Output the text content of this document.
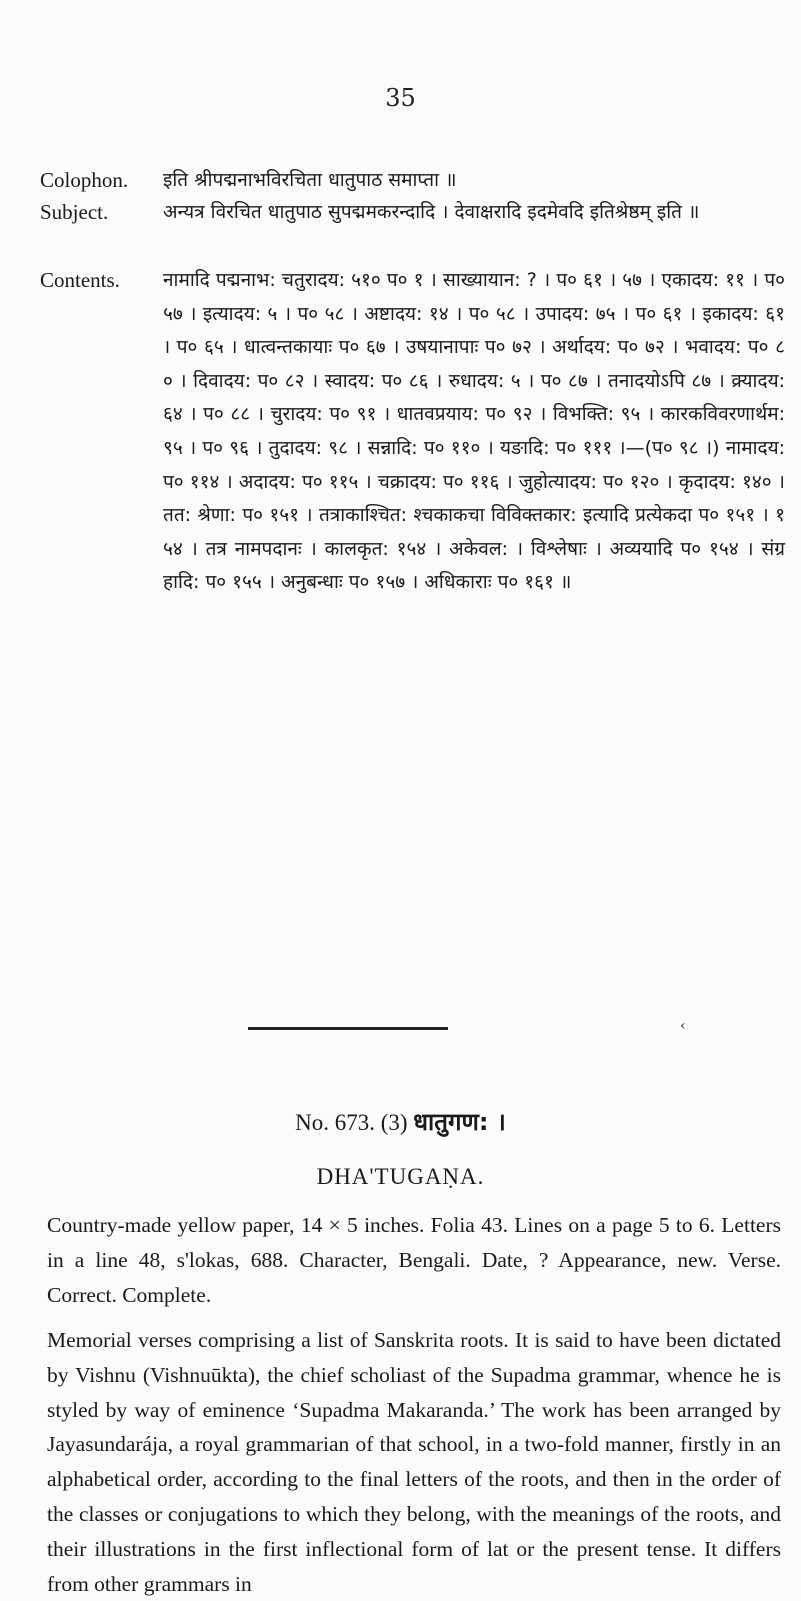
35
Colophon. इति श्रीपद्मनाभविरचिता धातुपाठ समाप्ता ॥
Subject.	अन्यत्र विरचित धातुपाठ सुपद्ममकरन्दादि । देवाक्षरादि इदमेवदि इतिश्रेष्ठम् इति ॥
Contents. नामादि पद्मनाभ: चतुरादय: ५१० प० १ । साख्यायान: ? । प० ६१ । ५७ । एकादय: ११ । प० ५७ । इत्यादय: ५ । प० ५८ । अष्टादय: १४ । प० ५८ । उपादय: ७५ । प० ६१ । इकादय: ६१ । प० ६५ । धात्वन्तकायाः प० ६७ । उषयानापाः प० ७२ । अर्थादय: प० ७२ । भवादय: प० ८० । दिवादय: प० ८२ । स्वादय: प० ८६ । रुधादय: ५ । प० ८७ । तनादयोऽपि ८७ । क्र्यादय: ६४ । प० ८८ । चुरादय: प० ९१ । धातवप्रयाय: प० ९२ । विभक्ति: ९५ । कारकविवरणार्थम: ९५ । प० ९६ । तुदादय: ९८ । सन्नादि: प० ११० । यङादि: प० १११ ।—(प० ९८ ।) नामादय: प० ११४ । अदादय: प० ११५ । चक्रादय: प० ११६ । जुहोत्यादय: प० १२० । कृदादय: १४० । तत: श्रेणा: प० १५१ । तत्राकाश्चित: श्चकाकचा विविक्तकार: इत्यादि प्रत्येकदा प० १५१ । १५४ । तत्र नामपदानः । कालकृत: १५४ । अकेवल: । विश्लेषाः । अव्ययादि प० १५४ । संग्रहादि: प० १५५ । अनुबन्धाः प० १५७ । अधिकाराः प० १६१ ॥
‹
No. 673. (3) धातुगण: ।
DHA'TUGAṆA.

Country-made yellow paper, 14 × 5 inches. Folia 43. Lines on a page 5 to 6. Letters in a line 48, s'lokas, 688. Character, Bengali. Date, ? Appearance, new. Verse. Correct. Complete.

Memorial verses comprising a list of Sanskrita roots. It is said to have been dictated by Vishnu (Vishnuūkta), the chief scholiast of the Supadma grammar, whence he is styled by way of eminence ‘Supadma Makaranda.’ The work has been arranged by Jayasundarája, a royal grammarian of that school, in a two-fold manner, firstly in an alphabetical order, according to the final letters of the roots, and then in the order of the classes or conjugations to which they belong, with the meanings of the roots, and their illustrations in the first inflectional form of lat or the present tense. It differs from other grammars in
